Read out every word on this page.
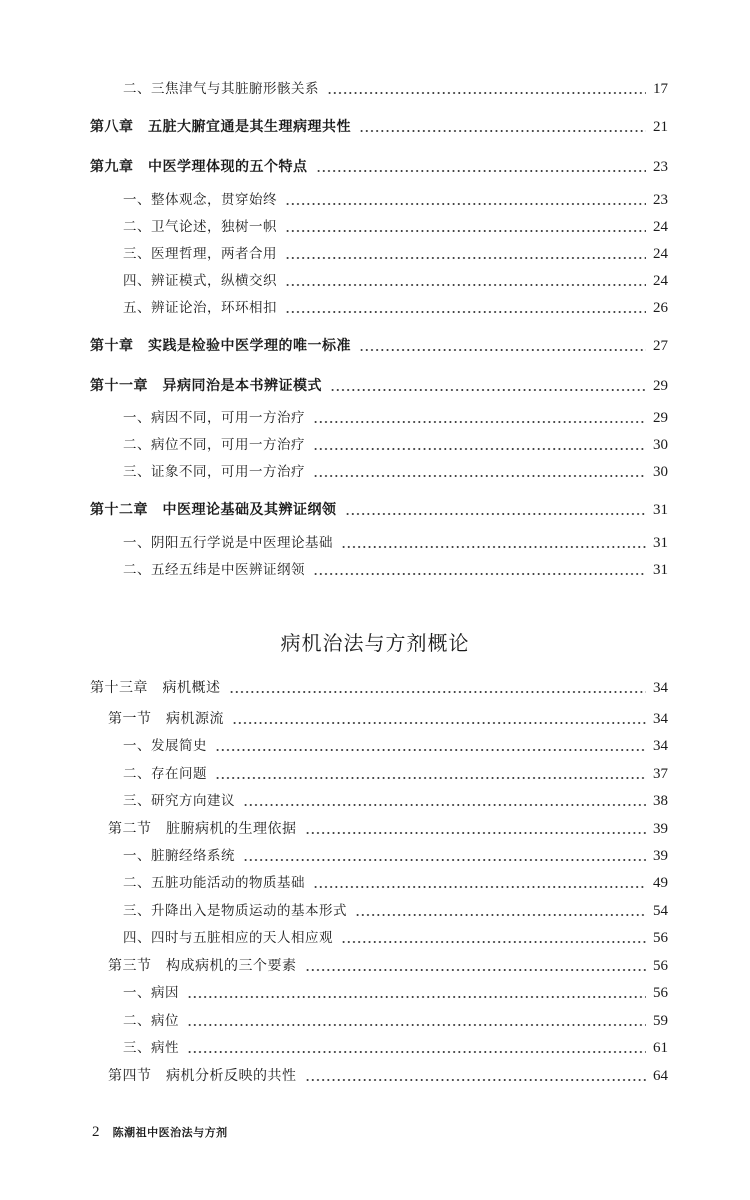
二、三焦津气与其脏腑形骸关系	17
第八章　五脏大腑宜通是其生理病理共性	21
第九章　中医学理体现的五个特点	23
一、整体观念，贯穿始终	23
二、卫气论述，独树一帜	24
三、医理哲理，两者合用	24
四、辨证模式，纵横交织	24
五、辨证论治，环环相扣	26
第十章　实践是检验中医学理的唯一标准	27
第十一章　异病同治是本书辨证模式	29
一、病因不同，可用一方治疗	29
二、病位不同，可用一方治疗	30
三、证象不同，可用一方治疗	30
第十二章　中医理论基础及其辨证纲领	31
一、阴阳五行学说是中医理论基础	31
二、五经五纬是中医辨证纲领	31
病机治法与方剂概论
第十三章　病机概述	34
第一节　病机源流	34
一、发展简史	34
二、存在问题	37
三、研究方向建议	38
第二节　脏腑病机的生理依据	39
一、脏腑经络系统	39
二、五脏功能活动的物质基础	49
三、升降出入是物质运动的基本形式	54
四、四时与五脏相应的天人相应观	56
第三节　构成病机的三个要素	56
一、病因	56
二、病位	59
三、病性	61
第四节　病机分析反映的共性	64
2 陈潮祖中医治法与方剂
